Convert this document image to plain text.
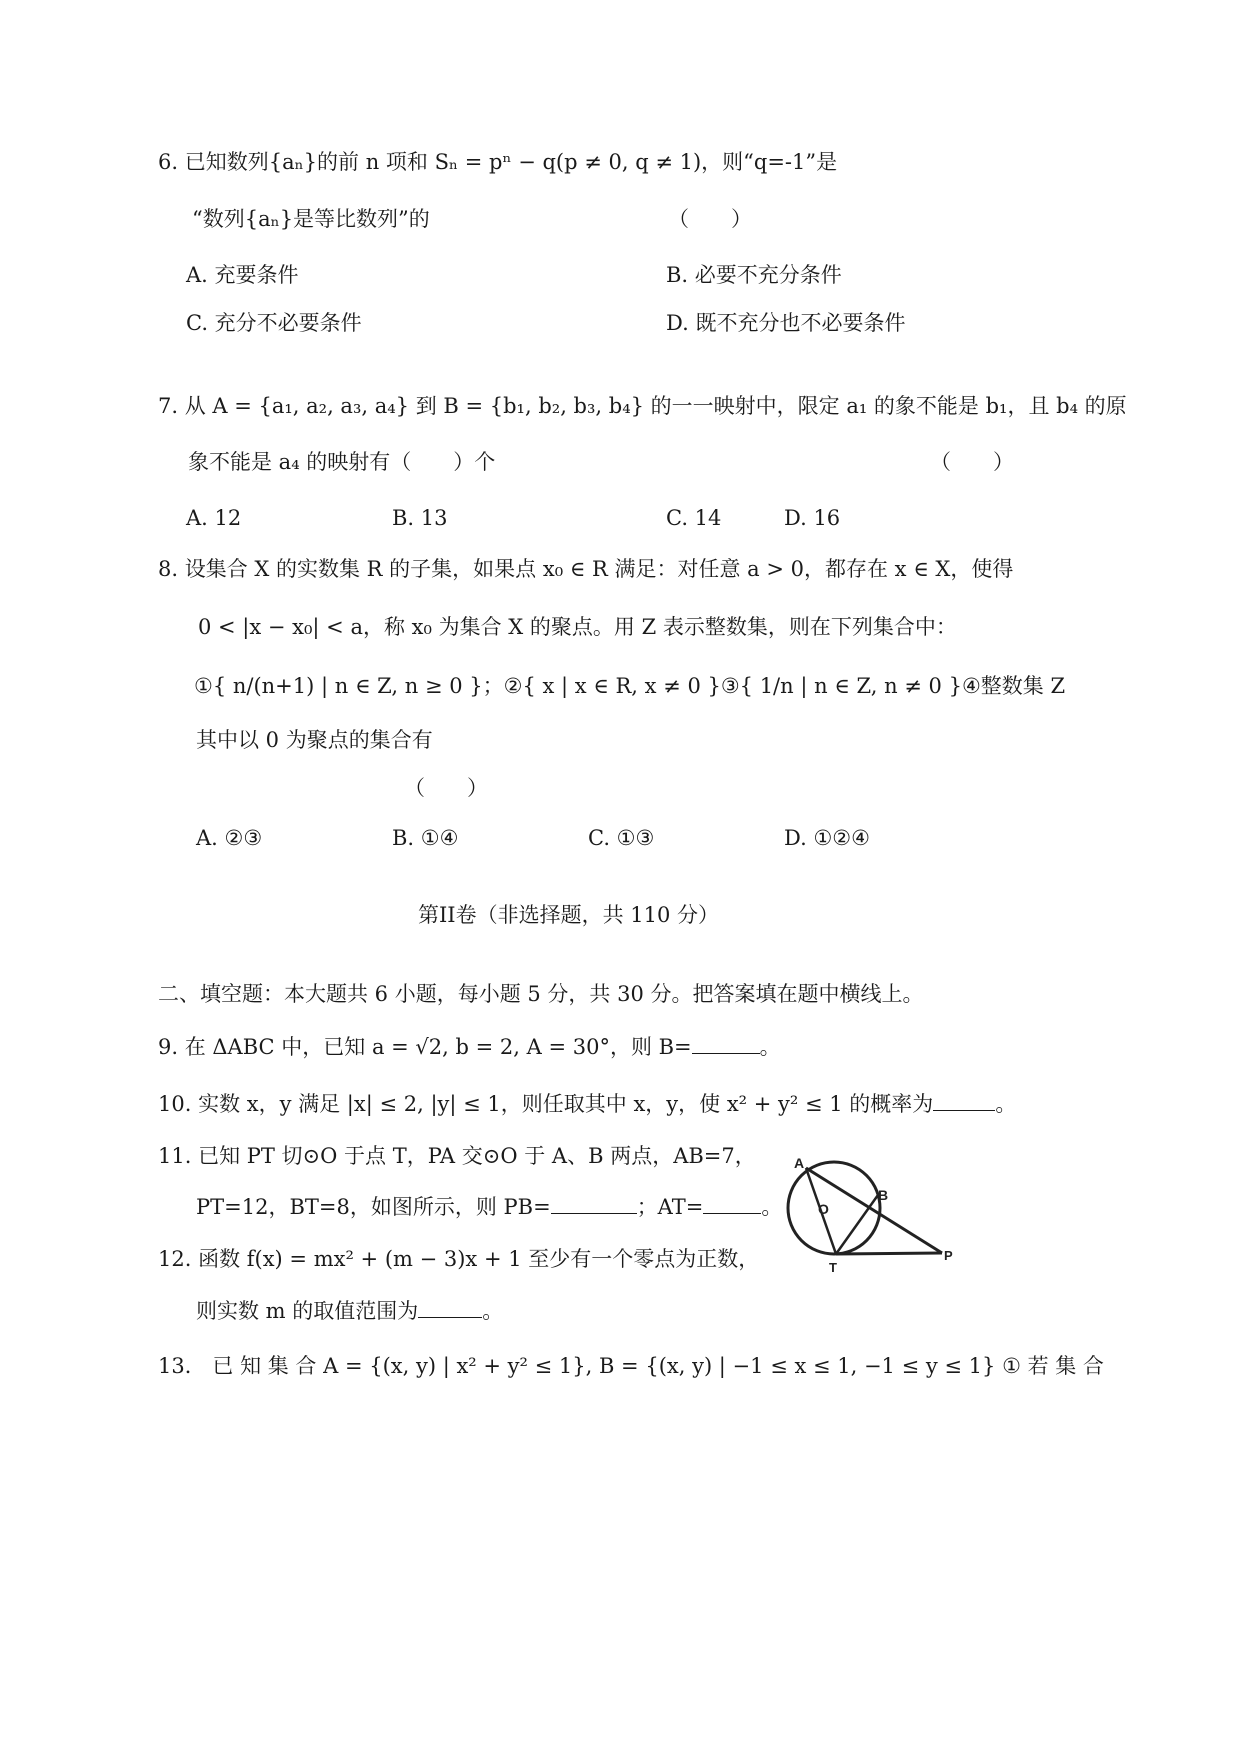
6. 已知数列{aₙ}的前 n 项和 Sₙ = pⁿ − q(p ≠ 0, q ≠ 1)，则“q=-1”是
“数列{aₙ}是等比数列”的	（　　）
A. 充要条件	B. 必要不充分条件
C. 充分不必要条件	D. 既不充分也不必要条件
7. 从 A = {a₁, a₂, a₃, a₄} 到 B = {b₁, b₂, b₃, b₄} 的一一映射中，限定 a₁ 的象不能是 b₁，且 b₄ 的原
象不能是 a₄ 的映射有（　　）个	（　　）
A. 12	B. 13	C. 14	D. 16
8. 设集合 X 的实数集 R 的子集，如果点 x₀ ∈ R 满足：对任意 a > 0，都存在 x ∈ X，使得
0 < |x − x₀| < a，称 x₀ 为集合 X 的聚点。用 Z 表示整数集，则在下列集合中：
①{ n/(n+1) | n ∈ Z, n ≥ 0 }；②{ x | x ∈ R, x ≠ 0 }③{ 1/n | n ∈ Z, n ≠ 0 }④整数集 Z
其中以 0 为聚点的集合有
（　　）
A. ②③	B. ①④	C. ①③	D. ①②④
第II卷（非选择题，共 110 分）
二、填空题：本大题共 6 小题，每小题 5 分，共 30 分。把答案填在题中横线上。
9. 在 ΔABC 中，已知 a = √2, b = 2, A = 30°，则 B=	。
10. 实数 x，y 满足 |x| ≤ 2, |y| ≤ 1，则任取其中 x，y，使 x² + y² ≤ 1 的概率为	。
11. 已知 PT 切⊙O 于点 T，PA 交⊙O 于 A、B 两点，AB=7，
PT=12，BT=8，如图所示，则 PB=	；AT=	。
A
O
B
T
P
12. 函数 f(x) = mx² + (m − 3)x + 1 至少有一个零点为正数，
则实数 m 的取值范围为	。
13． 已 知 集 合 A = {(x, y) | x² + y² ≤ 1}, B = {(x, y) | −1 ≤ x ≤ 1, −1 ≤ y ≤ 1} ① 若 集 合
